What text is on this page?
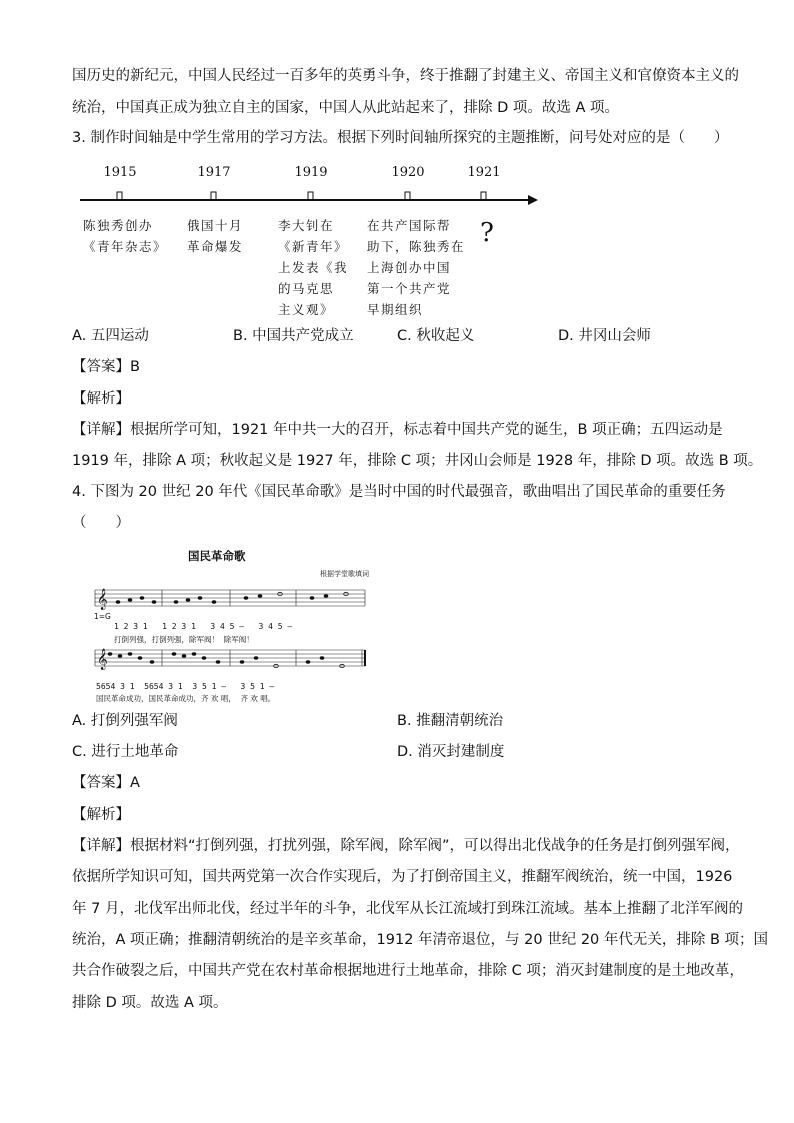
国历史的新纪元，中国人民经过一百多年的英勇斗争，终于推翻了封建主义、帝国主义和官僚资本主义的
统治，中国真正成为独立自主的国家，中国人从此站起来了，排除 D 项。故选 A 项。
3. 制作时间轴是中学生常用的学习方法。根据下列时间轴所探究的主题推断，问号处对应的是（　　）
1915	1917	1919	1920	1921
陈独秀创办
《青年杂志》
俄国十月
革命爆发
李大钊在
《新青年》
上发表《我
的马克思
主义观》
在共产国际帮
助下，陈独秀在
上海创办中国
第一个共产党
早期组织
?
A. 五四运动	B. 中国共产党成立	C. 秋收起义	D. 井冈山会师
【答案】B
【解析】
【详解】根据所学可知，1921 年中共一大的召开，标志着中国共产党的诞生，B 项正确；五四运动是
1919 年，排除 A 项；秋收起义是 1927 年，排除 C 项；井冈山会师是 1928 年，排除 D 项。故选 B 项。
4. 下图为 20 世纪 20 年代《国民革命歌》是当时中国的时代最强音，歌曲唱出了国民革命的重要任务
（　　）
国民革命歌
根据学堂歌填词
𝄞
𝄞
1=G
1 2 3 1   1 2 3 1   3 4 5 —   3 4 5 —
打倒列强，打倒列强，除军阀！  除军阀！
5654 3 1  5654 3 1  3 5 1 —   3 5 1 —
国民革命成功，国民革命成功，齐 欢 唱，  齐 欢 唱。
A. 打倒列强军阀	B. 推翻清朝统治
C. 进行土地革命	D. 消灭封建制度
【答案】A
【解析】
【详解】根据材料“打倒列强，打扰列强，除军阀，除军阀”，可以得出北伐战争的任务是打倒列强军阀，
依据所学知识可知，国共两党第一次合作实现后，为了打倒帝国主义，推翻军阀统治，统一中国，1926
年 7 月，北伐军出师北伐，经过半年的斗争，北伐军从长江流域打到珠江流域。基本上推翻了北洋军阀的
统治，A 项正确；推翻清朝统治的是辛亥革命，1912 年清帝退位，与 20 世纪 20 年代无关，排除 B 项；国
共合作破裂之后，中国共产党在农村革命根据地进行土地革命，排除 C 项；消灭封建制度的是土地改革，
排除 D 项。故选 A 项。
